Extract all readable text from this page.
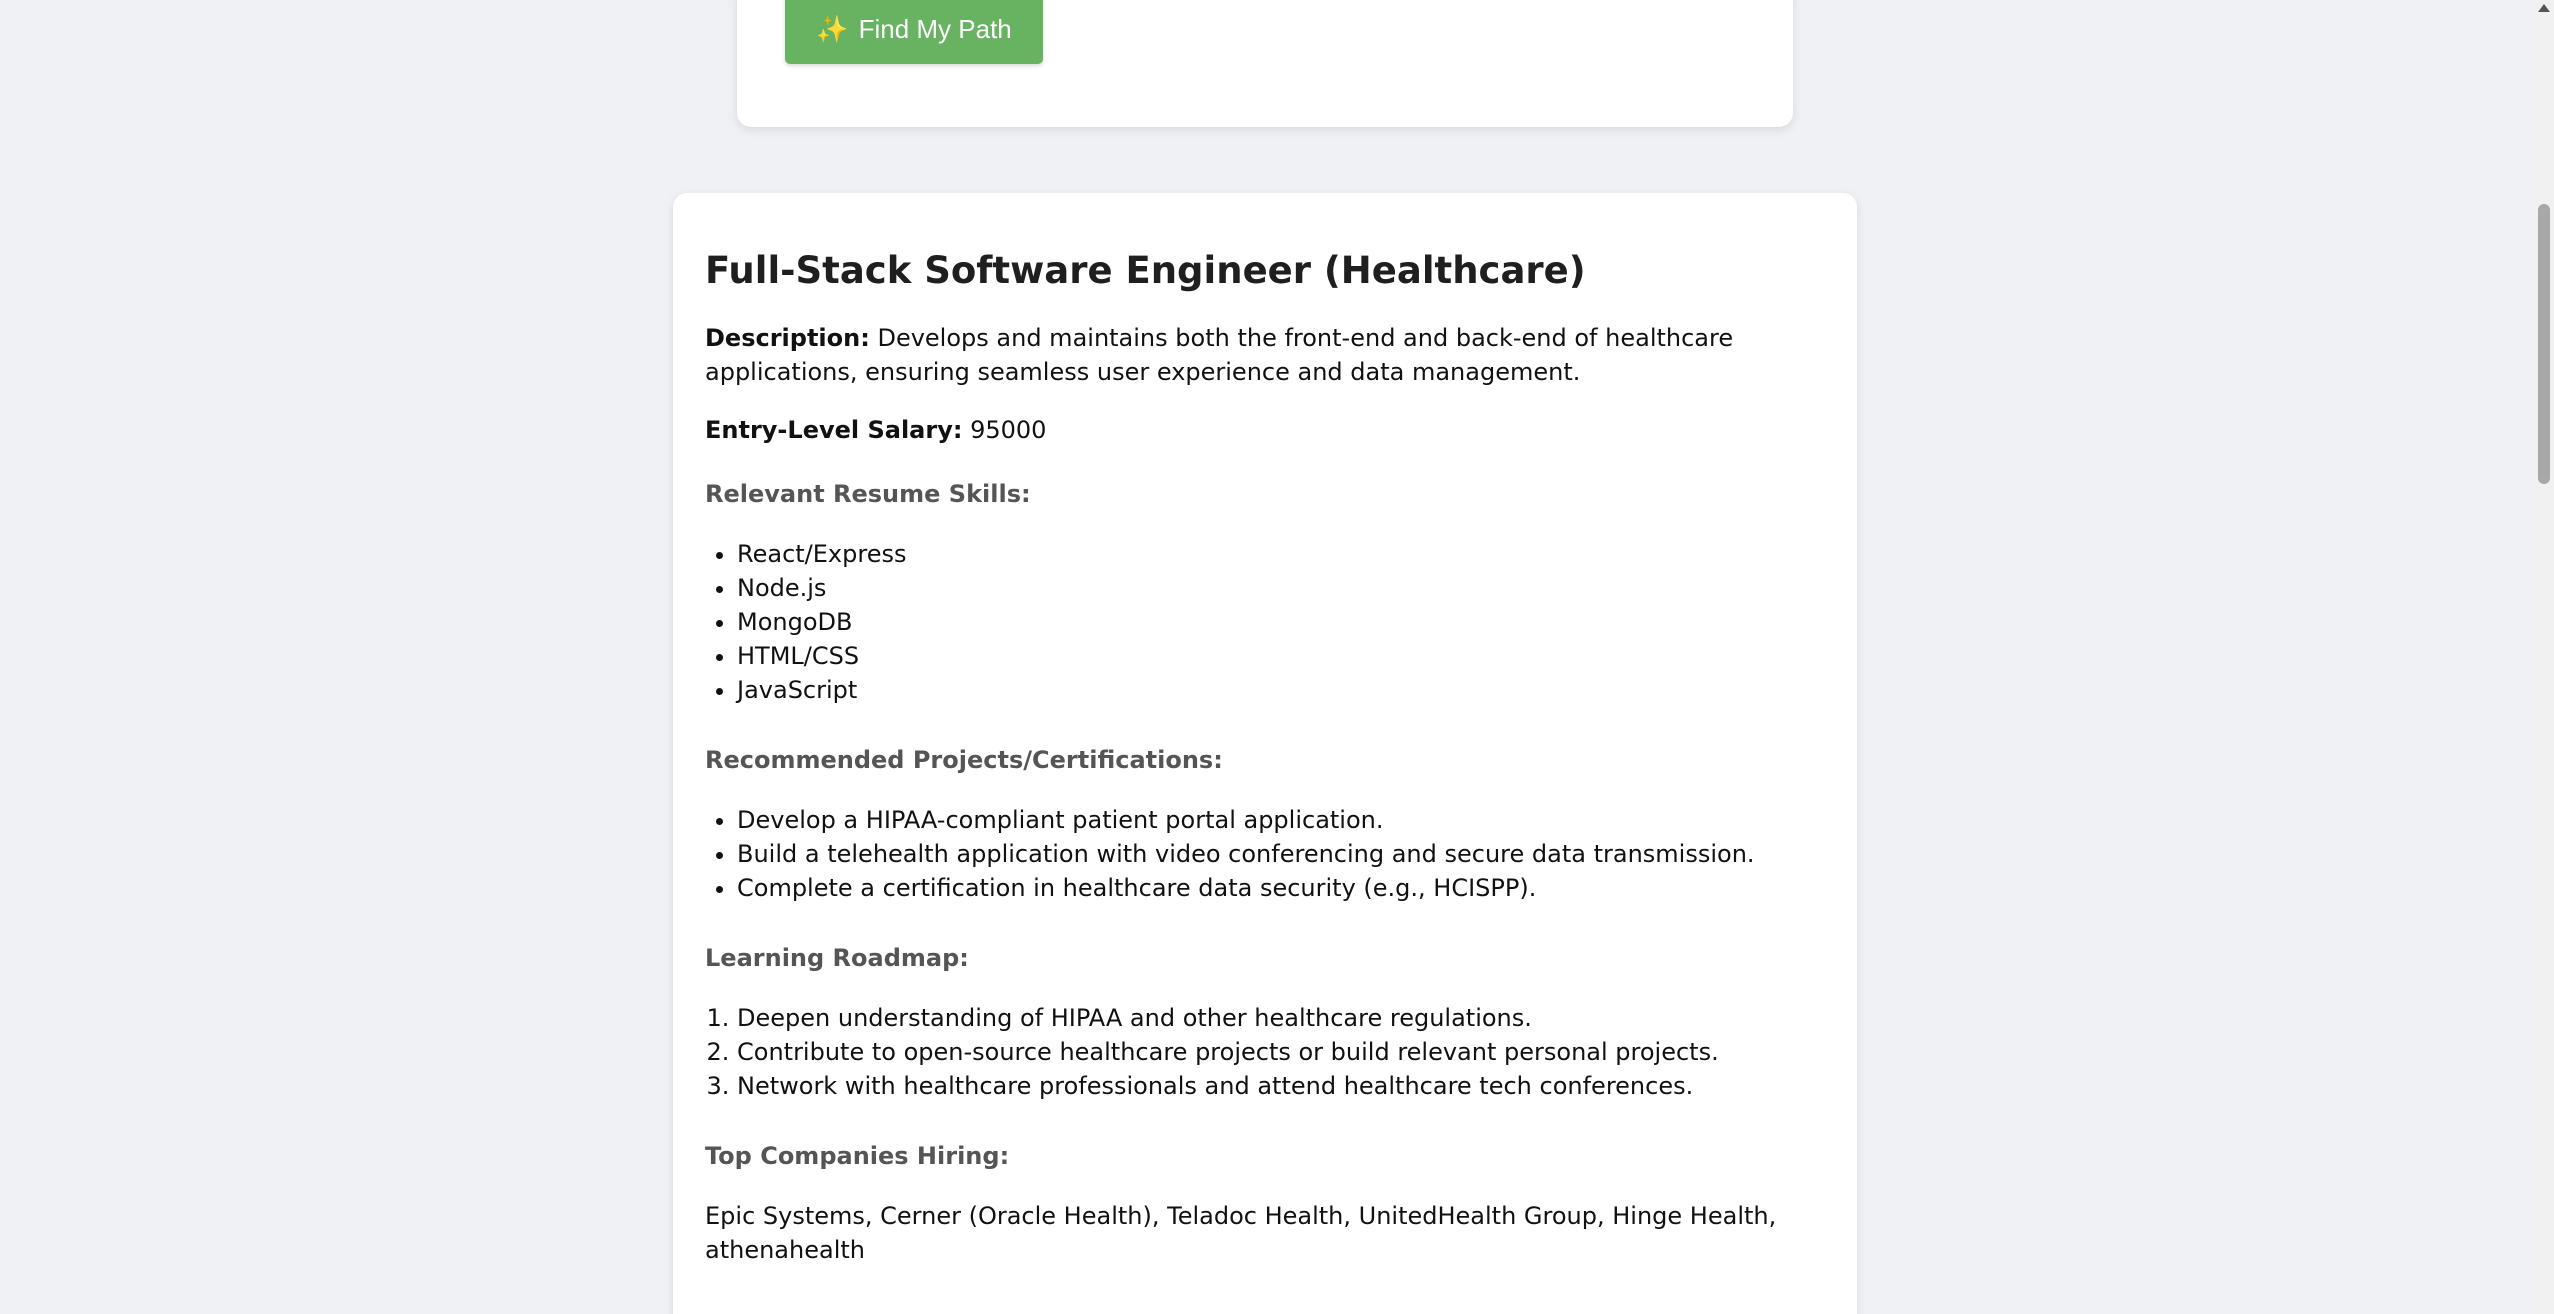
✨ Find My Path
Full-Stack Software Engineer (Healthcare)

Description: Develops and maintains both the front-end and back-end of healthcare applications, ensuring seamless user experience and data management.

Entry-Level Salary: 95000

Relevant Resume Skills:
• React/Express
• Node.js
• MongoDB
• HTML/CSS
• JavaScript
Recommended Projects/Certifications:
• Develop a HIPAA-compliant patient portal application.
• Build a telehealth application with video conferencing and secure data transmission.
• Complete a certification in healthcare data security (e.g., HCISPP).
Learning Roadmap:
1. Deepen understanding of HIPAA and other healthcare regulations.
2. Contribute to open-source healthcare projects or build relevant personal projects.
3. Network with healthcare professionals and attend healthcare tech conferences.
Top Companies Hiring:

Epic Systems, Cerner (Oracle Health), Teladoc Health, UnitedHealth Group, Hinge Health, athenahealth
